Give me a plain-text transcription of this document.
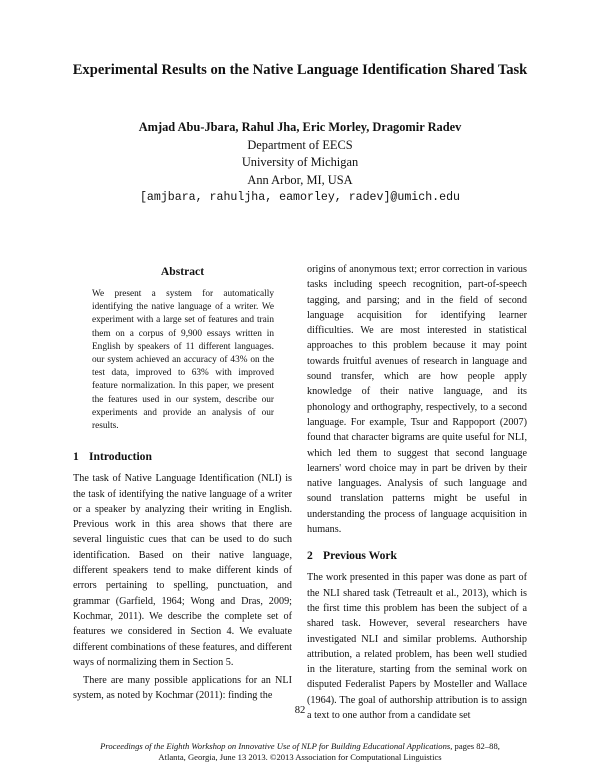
Experimental Results on the Native Language Identification Shared Task
Amjad Abu-Jbara, Rahul Jha, Eric Morley, Dragomir Radev
Department of EECS
University of Michigan
Ann Arbor, MI, USA
[amjbara, rahuljha, eamorley, radev]@umich.edu
Abstract

We present a system for automatically identifying the native language of a writer. We experiment with a large set of features and train them on a corpus of 9,900 essays written in English by speakers of 11 different languages. our system achieved an accuracy of 43% on the test data, improved to 63% with improved feature normalization. In this paper, we present the features used in our system, describe our experiments and provide an analysis of our results.

1 Introduction

The task of Native Language Identification (NLI) is the task of identifying the native language of a writer or a speaker by analyzing their writing in English. Previous work in this area shows that there are several linguistic cues that can be used to do such identification. Based on their native language, different speakers tend to make different kinds of errors pertaining to spelling, punctuation, and grammar (Garfield, 1964; Wong and Dras, 2009; Kochmar, 2011). We describe the complete set of features we considered in Section 4. We evaluate different combinations of these features, and different ways of normalizing them in Section 5.

There are many possible applications for an NLI system, as noted by Kochmar (2011): finding the

origins of anonymous text; error correction in various tasks including speech recognition, part-of-speech tagging, and parsing; and in the field of second language acquisition for identifying learner difficulties. We are most interested in statistical approaches to this problem because it may point towards fruitful avenues of research in language and sound transfer, which are how people apply knowledge of their native language, and its phonology and orthography, respectively, to a second language. For example, Tsur and Rappoport (2007) found that character bigrams are quite useful for NLI, which led them to suggest that second language learners' word choice may in part be driven by their native languages. Analysis of such language and sound translation patterns might be useful in understanding the process of language acquisition in humans.

2 Previous Work

The work presented in this paper was done as part of the NLI shared task (Tetreault et al., 2013), which is the first time this problem has been the subject of a shared task. However, several researchers have investigated NLI and similar problems. Authorship attribution, a related problem, has been well studied in the literature, starting from the seminal work on disputed Federalist Papers by Mosteller and Wallace (1964). The goal of authorship attribution is to assign a text to one author from a candidate set

82
Proceedings of the Eighth Workshop on Innovative Use of NLP for Building Educational Applications, pages 82–88,
Atlanta, Georgia, June 13 2013. ©2013 Association for Computational Linguistics
